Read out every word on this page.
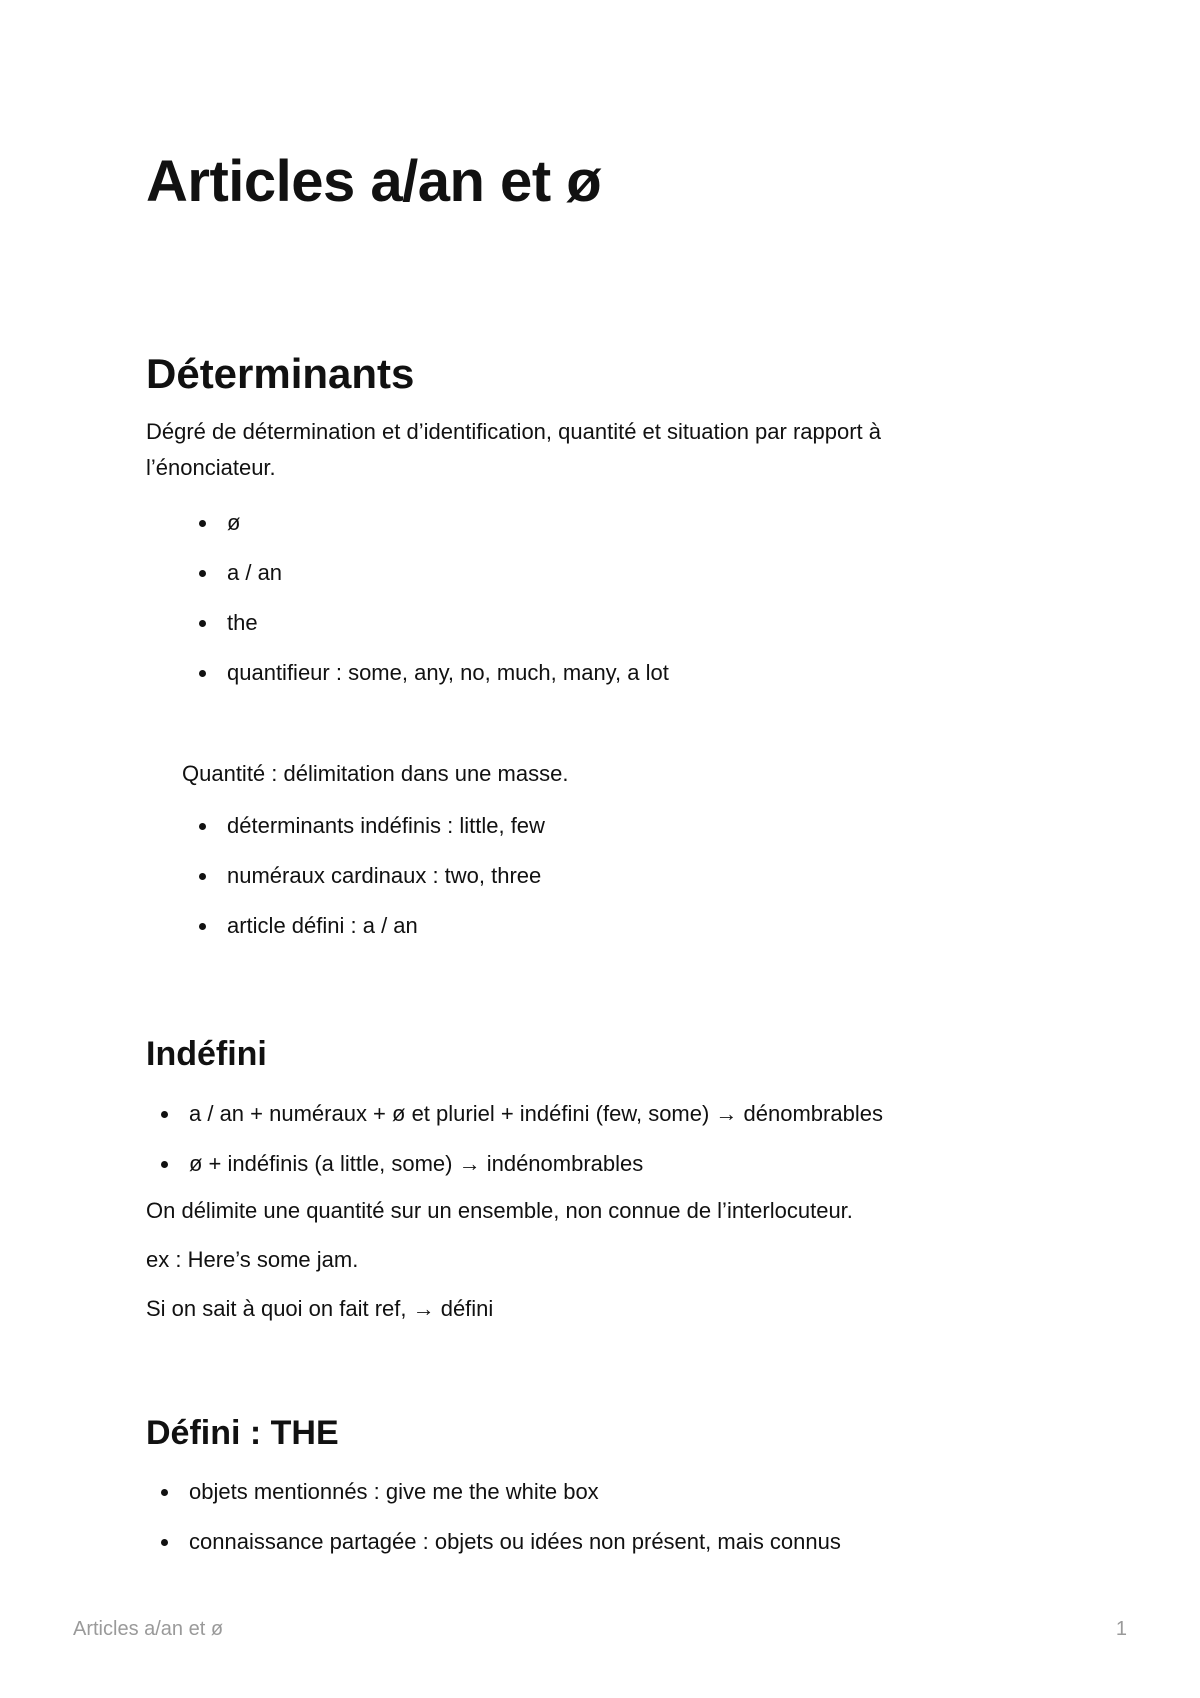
Articles a/an et ø
Déterminants

Dégré de détermination et d’identification, quantité et situation par rapport à l’énonciateur.

ø
a / an
the
quantifieur : some, any, no, much, many, a lot

Quantité : délimitation dans une masse.

déterminants indéfinis : little, few
numéraux cardinaux : two, three
article défini : a / an
Indéfini
a / an + numéraux + ø et pluriel + indéfini (few, some) → dénombrables
ø + indéfinis (a little, some) → indénombrables

On délimite une quantité sur un ensemble, non connue de l’interlocuteur.

ex : Here’s some jam.

Si on sait à quoi on fait ref, → défini

Défini : THE
objets mentionnés : give me the white box
connaissance partagée : objets ou idées non présent, mais connus
Articles a/an et ø	1
